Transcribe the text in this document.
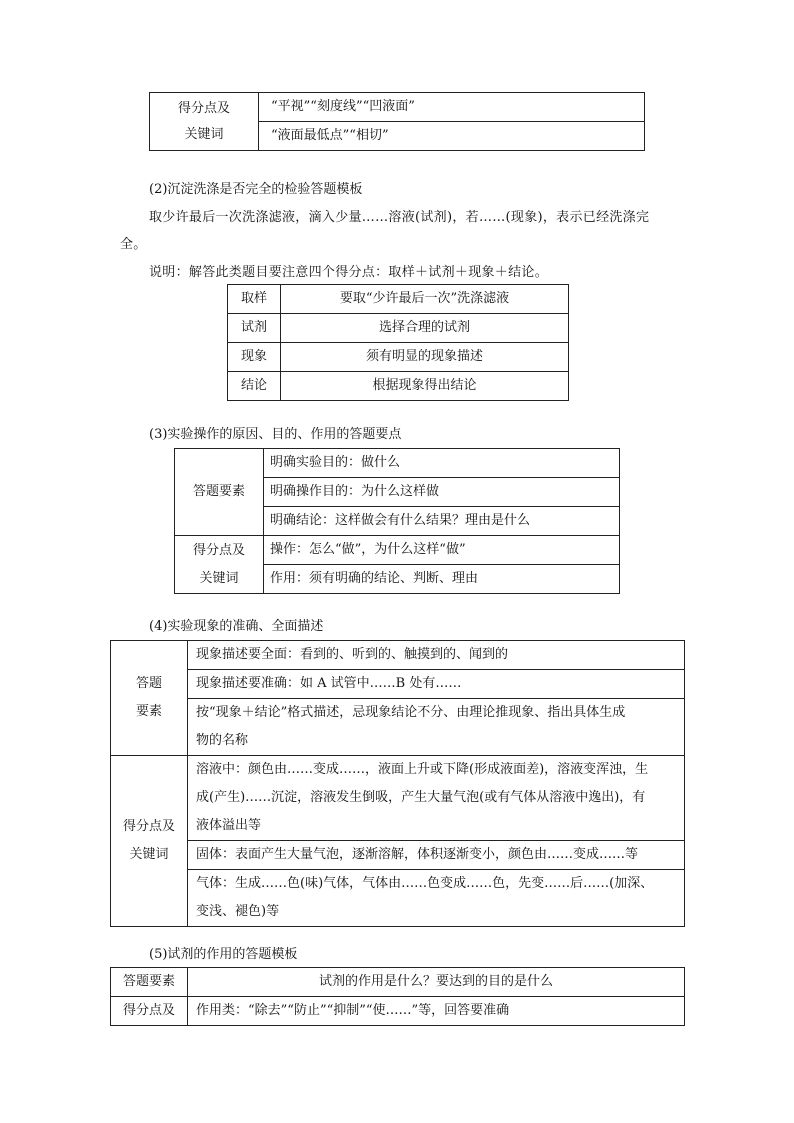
得分点及
关键词
	“平视”“刻度线”“凹液面”
“液面最低点”“相切”
(2)沉淀洗涤是否完全的检验答题模板
取少许最后一次洗涤滤液，滴入少量……溶液(试剂)，若……(现象)，表示已经洗涤完
全。
说明：解答此类题目要注意四个得分点：取样＋试剂＋现象＋结论。
取样	要取“少许最后一次”洗涤滤液
试剂	选择合理的试剂
现象	须有明显的现象描述
结论	根据现象得出结论
(3)实验操作的原因、目的、作用的答题要点
答题要素	明确实验目的：做什么
	明确操作目的：为什么这样做
	明确结论：这样做会有什么结果？理由是什么

得分点及
关键词	操作：怎么“做”，为什么这样“做”
	作用：须有明确的结论、判断、理由
(4)实验现象的准确、全面描述
答题
要素	现象描述要全面：看到的、听到的、触摸到的、闻到的
	现象描述要准确：如 A 试管中……B 处有……

	按“现象＋结论”格式描述，忌现象结论不分、由理论推现象、指出具体生成
物的名称

得分点及
关键词	溶液中：颜色由……变成……，液面上升或下降(形成液面差)，溶液变浑浊，生
成(产生)……沉淀，溶液发生倒吸，产生大量气泡(或有气体从溶液中逸出)，有
液体溢出等

	固体：表面产生大量气泡，逐渐溶解，体积逐渐变小，颜色由……变成……等

	气体：生成……色(味)气体，气体由……色变成……色，先变……后……(加深、
变浅、褪色)等
(5)试剂的作用的答题模板
答题要素	试剂的作用是什么？要达到的目的是什么
得分点及	作用类：“除去”“防止”“抑制”“使……”等，回答要准确
